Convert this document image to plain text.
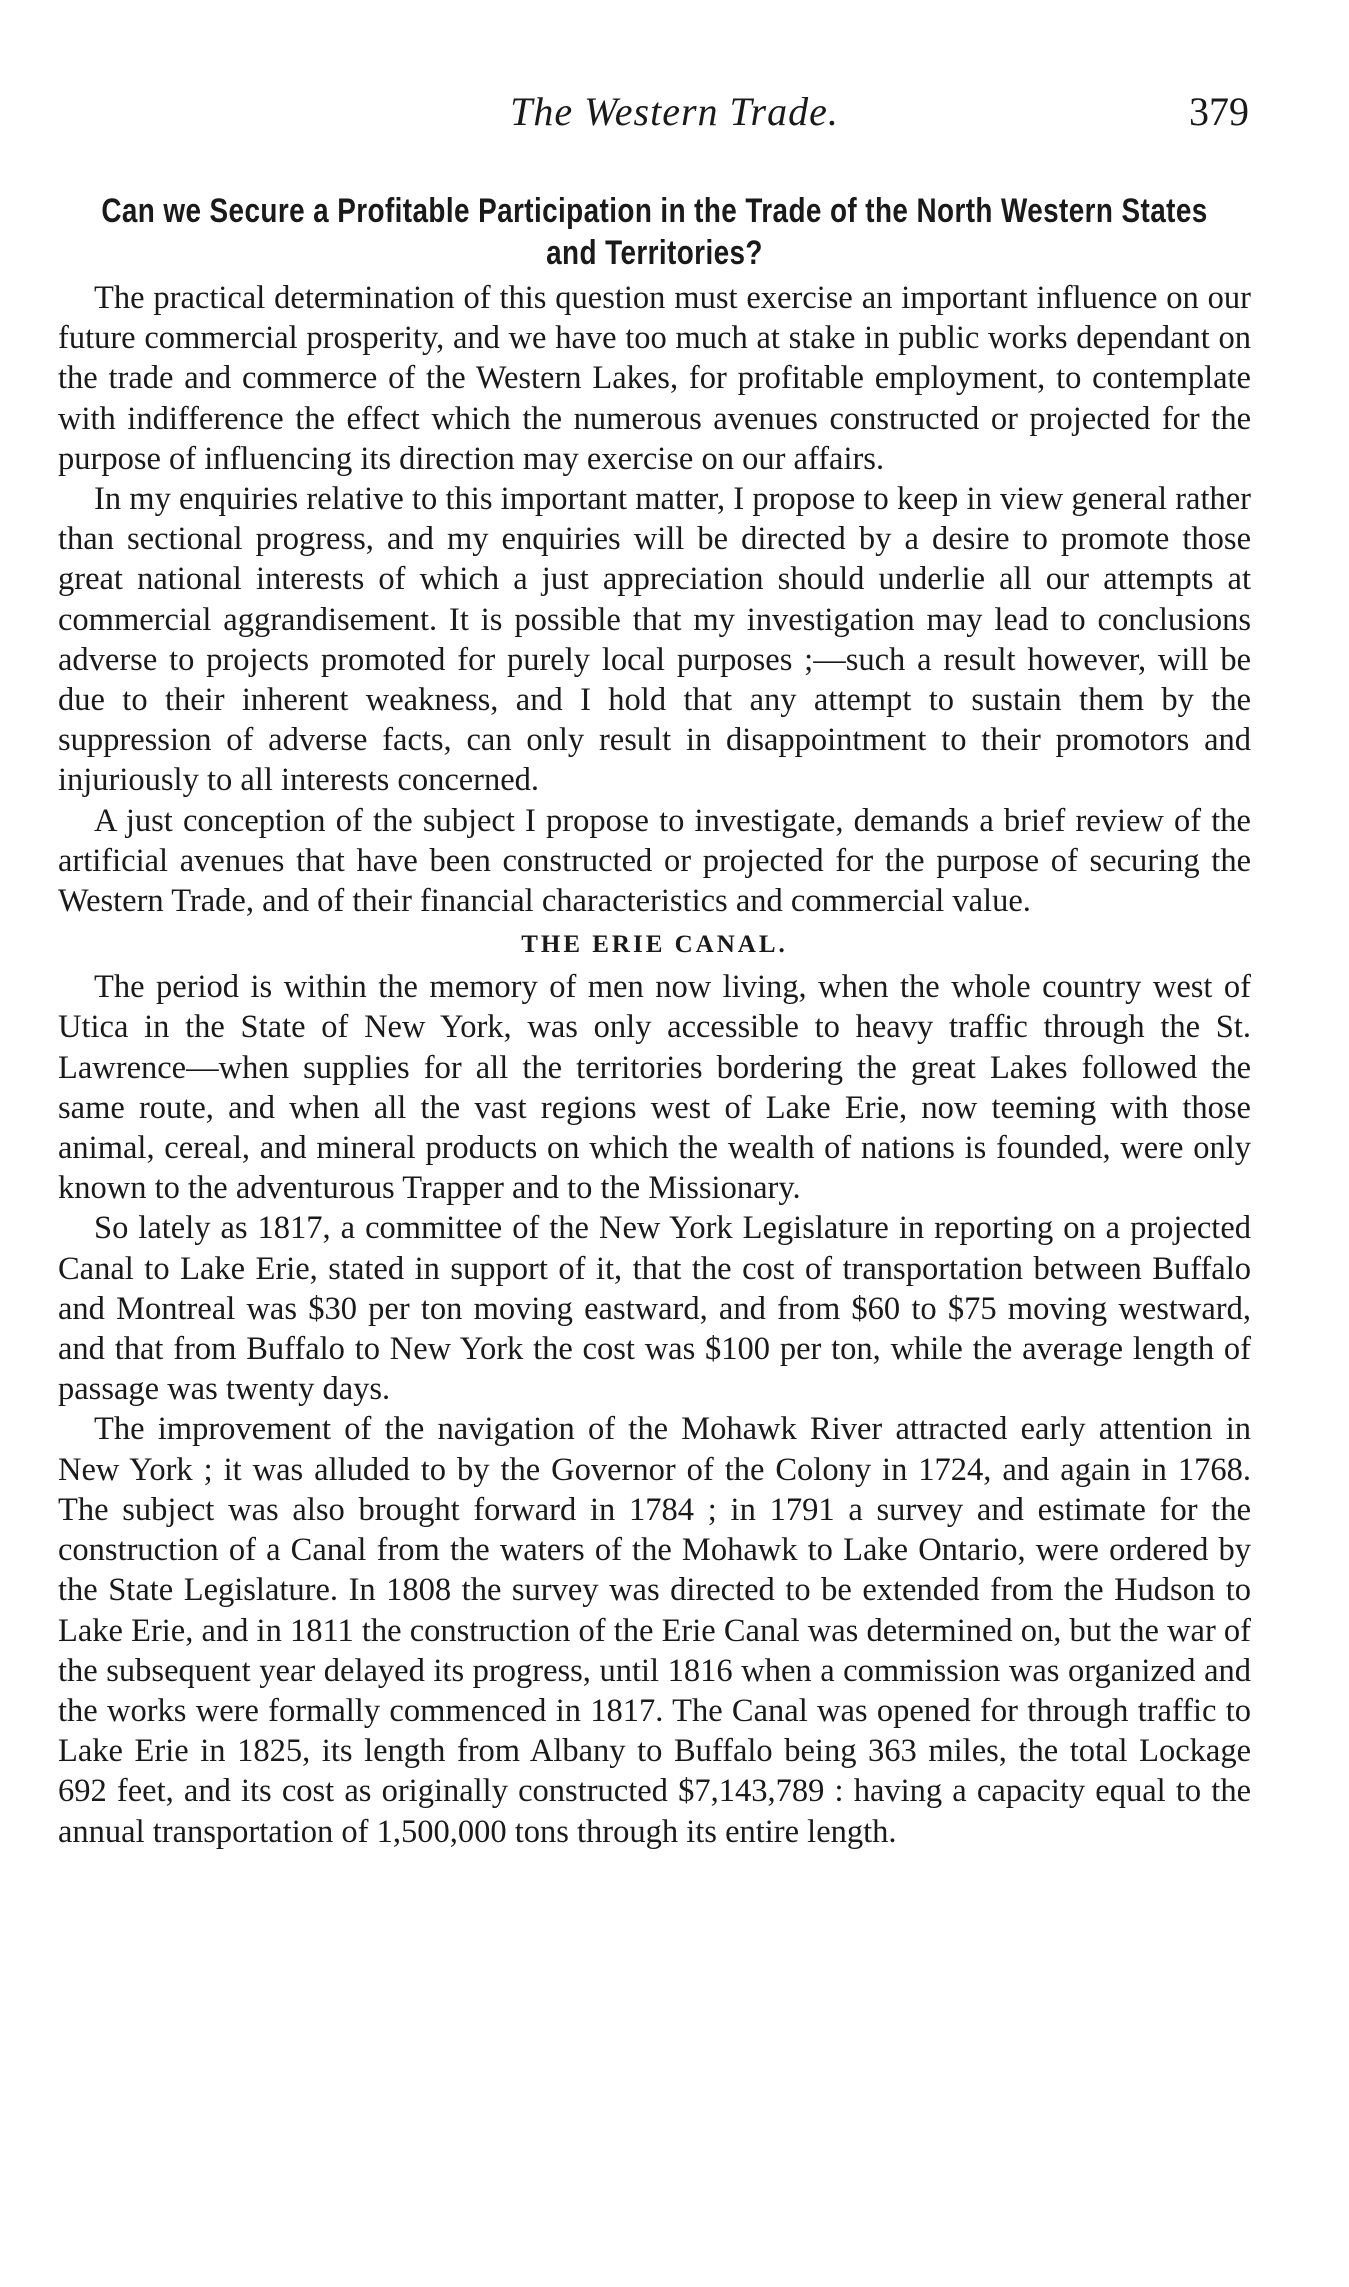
The Western Trade.	379
Can we Secure a Profitable Participation in the Trade of the North Western States and Territories?

The practical determination of this question must exercise an important influence on our future commercial prosperity, and we have too much at stake in public works dependant on the trade and commerce of the Western Lakes, for profitable employment, to contemplate with indifference the effect which the numerous avenues constructed or projected for the purpose of influencing its direction may exercise on our affairs.

In my enquiries relative to this important matter, I propose to keep in view general rather than sectional progress, and my enquiries will be directed by a desire to promote those great national interests of which a just appreciation should underlie all our attempts at commercial aggrandisement. It is possible that my investigation may lead to conclusions adverse to projects promoted for purely local purposes ;—such a result however, will be due to their inherent weakness, and I hold that any attempt to sustain them by the suppression of adverse facts, can only result in disappointment to their promotors and injuriously to all interests concerned.

A just conception of the subject I propose to investigate, demands a brief review of the artificial avenues that have been constructed or projected for the purpose of securing the Western Trade, and of their financial characteristics and commercial value.

THE ERIE CANAL.

The period is within the memory of men now living, when the whole country west of Utica in the State of New York, was only accessible to heavy traffic through the St. Lawrence—when supplies for all the territories bordering the great Lakes followed the same route, and when all the vast regions west of Lake Erie, now teeming with those animal, cereal, and mineral products on which the wealth of nations is founded, were only known to the adventurous Trapper and to the Missionary.

So lately as 1817, a committee of the New York Legislature in reporting on a projected Canal to Lake Erie, stated in support of it, that the cost of transportation between Buffalo and Montreal was $30 per ton moving eastward, and from $60 to $75 moving westward, and that from Buffalo to New York the cost was $100 per ton, while the average length of passage was twenty days.

The improvement of the navigation of the Mohawk River attracted early attention in New York ; it was alluded to by the Governor of the Colony in 1724, and again in 1768. The subject was also brought forward in 1784 ; in 1791 a survey and estimate for the construction of a Canal from the waters of the Mohawk to Lake Ontario, were ordered by the State Legislature. In 1808 the survey was directed to be extended from the Hudson to Lake Erie, and in 1811 the construction of the Erie Canal was determined on, but the war of the subsequent year delayed its progress, until 1816 when a commission was organized and the works were formally commenced in 1817. The Canal was opened for through traffic to Lake Erie in 1825, its length from Albany to Buffalo being 363 miles, the total Lockage 692 feet, and its cost as originally constructed $7,143,789 : having a capacity equal to the annual transportation of 1,500,000 tons through its entire length.
